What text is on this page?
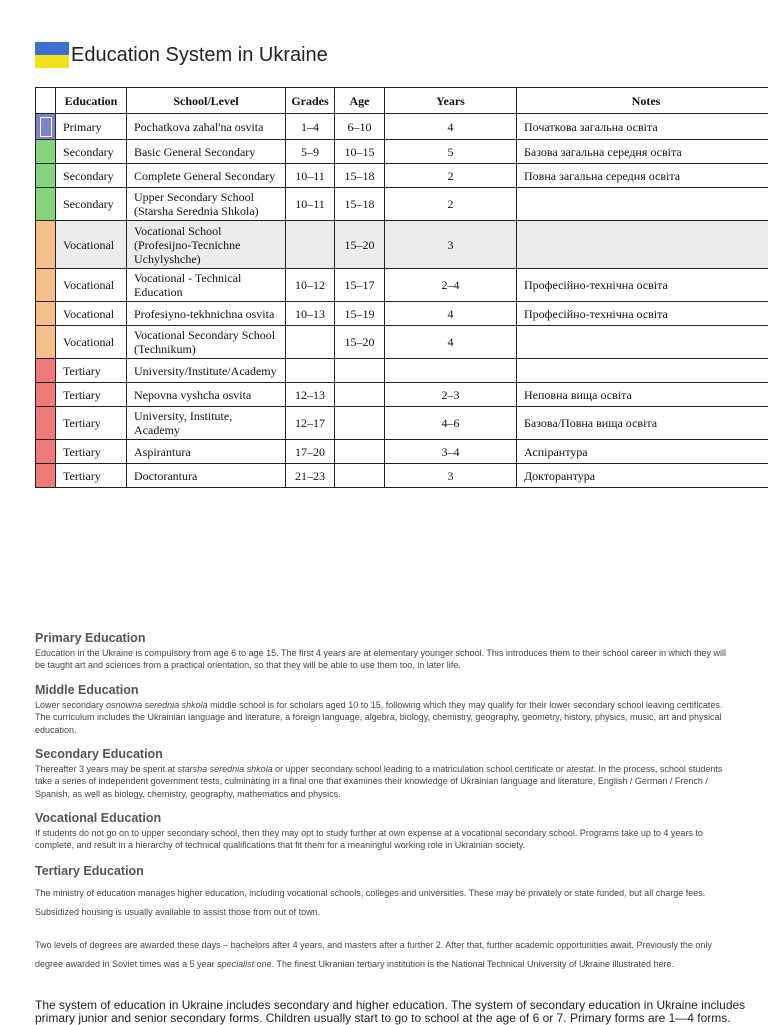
Education System in Ukraine
	Education	School/Level	Grades	Age	Years	Notes

	Primary	Pochatkova zahal'na osvita	1–4	6–10	4	Початкова загальна освіта
	Secondary	Basic General Secondary	5–9	10–15	5	Базова загальна середня освіта
	Secondary	Complete General Secondary	10–11	15–18	2	Повна загальна середня освіта
	Secondary	Upper Secondary School (Starsha Serednia Shkola)	10–11	15–18	2	
	Vocational	Vocational School (Profesijno-Tecnichne Uchylyshche)		15–20	3	
	Vocational	Vocational - Technical Education	10–12	15–17	2–4	Професійно-технічна освіта
	Vocational	Profesiyno-tekhnichna osvita	10–13	15–19	4	Професійно-технічна освіта
	Vocational	Vocational Secondary School (Technikum)		15–20	4	
	Tertiary	University/Institute/Academy				
	Tertiary	Nepovna vyshcha osvita	12–13		2–3	Неповна вища освіта
	Tertiary	University, Institute, Academy	12–17		4–6	Базова/Повна вища освіта
	Tertiary	Aspirantura	17–20		3–4	Аспірантура
	Tertiary	Doctorantura	21–23		3	Докторантура
Primary Education

Education in the Ukraine is compulsory from age 6 to age 15. The first 4 years are at elementary younger school. This introduces them to their school career in which they will be taught art and sciences from a practical orientation, so that they will be able to use them too, in later life.

Middle Education

Lower secondary osnowna serednia shkola middle school is for scholars aged 10 to 15, following which they may qualify for their lower secondary school leaving certificates. The curriculum includes the Ukrainian language and literature, a foreign language, algebra, biology, chemistry, geography, geometry, history, physics, music, art and physical education.

Secondary Education

Thereafter 3 years may be spent at starsha serednia shkola or upper secondary school leading to a matriculation school certificate or atestat. In the process, school students take a series of independent government tests, culminating in a final one that examines their knowledge of Ukrainian language and literature, English / German / French / Spanish, as well as biology, chemistry, geography, mathematics and physics.

Vocational Education

If students do not go on to upper secondary school, then they may opt to study further at own expense at a vocational secondary school. Programs take up to 4 years to complete, and result in a hierarchy of technical qualifications that fit them for a meaningful working role in Ukrainian society.

Tertiary Education

The ministry of education manages higher education, including vocational schools, colleges and universities. These may be privately or state funded, but all charge fees. Subsidized housing is usually available to assist those from out of town.

Two levels of degrees are awarded these days – bachelors after 4 years, and masters after a further 2. After that, further academic opportunities await. Previously the only degree awarded in Soviet times was a 5 year specialist one. The finest Ukranian tertiary institution is the National Technical University of Ukraine illustrated here.

The system of education in Ukraine includes secondary and higher education. The system of secondary education in Ukraine includes primary junior and senior secondary forms. Children usually start to go to school at the age of 6 or 7. Primary forms are 1—4 forms.
